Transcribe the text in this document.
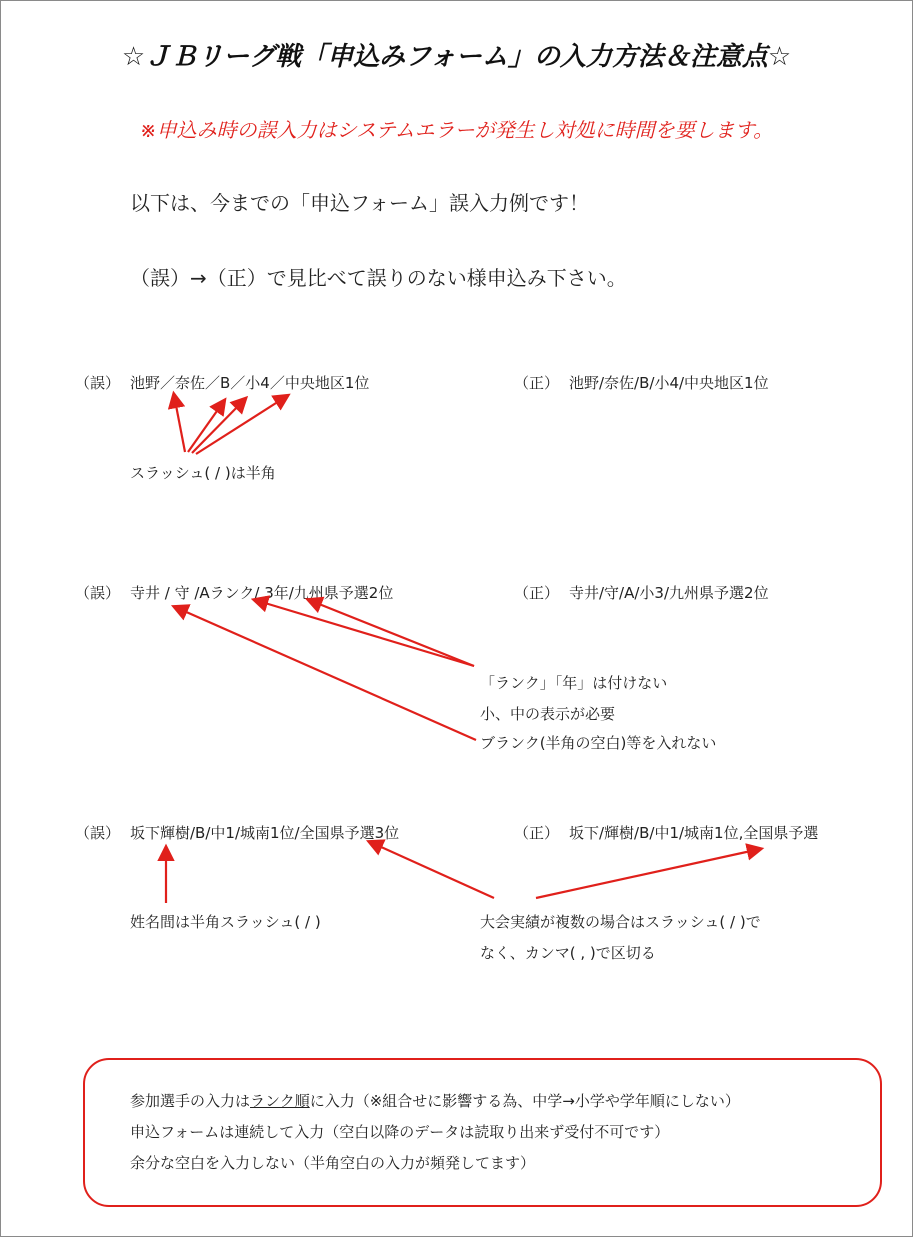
☆ＪＢリーグ戦「申込みフォーム」の入力方法＆注意点☆
※申込み時の誤入力はシステムエラーが発生し対処に時間を要します。
以下は、今までの「申込フォーム」誤入力例です！
（誤）→（正）で見比べて誤りのない様申込み下さい。
（誤） 池野／奈佐／B／小4／中央地区1位	（正） 池野/奈佐/B/小4/中央地区1位
スラッシュ( / )は半角
（誤） 寺井 / 守 /Aランク/ 3年/九州県予選2位	（正） 寺井/守/A/小3/九州県予選2位
「ランク」「年」は付けない
小、中の表示が必要
ブランク(半角の空白)等を入れない
（誤） 坂下輝樹/B/中1/城南1位/全国県予選3位	（正） 坂下/輝樹/B/中1/城南1位,全国県予選
姓名間は半角スラッシュ( / )	大会実績が複数の場合はスラッシュ( / )で
なく、カンマ( , )で区切る
参加選手の入力はランク順に入力（※組合せに影響する為、中学→小学や学年順にしない）
申込フォームは連続して入力（空白以降のデータは読取り出来ず受付不可です）
余分な空白を入力しない（半角空白の入力が頻発してます）
